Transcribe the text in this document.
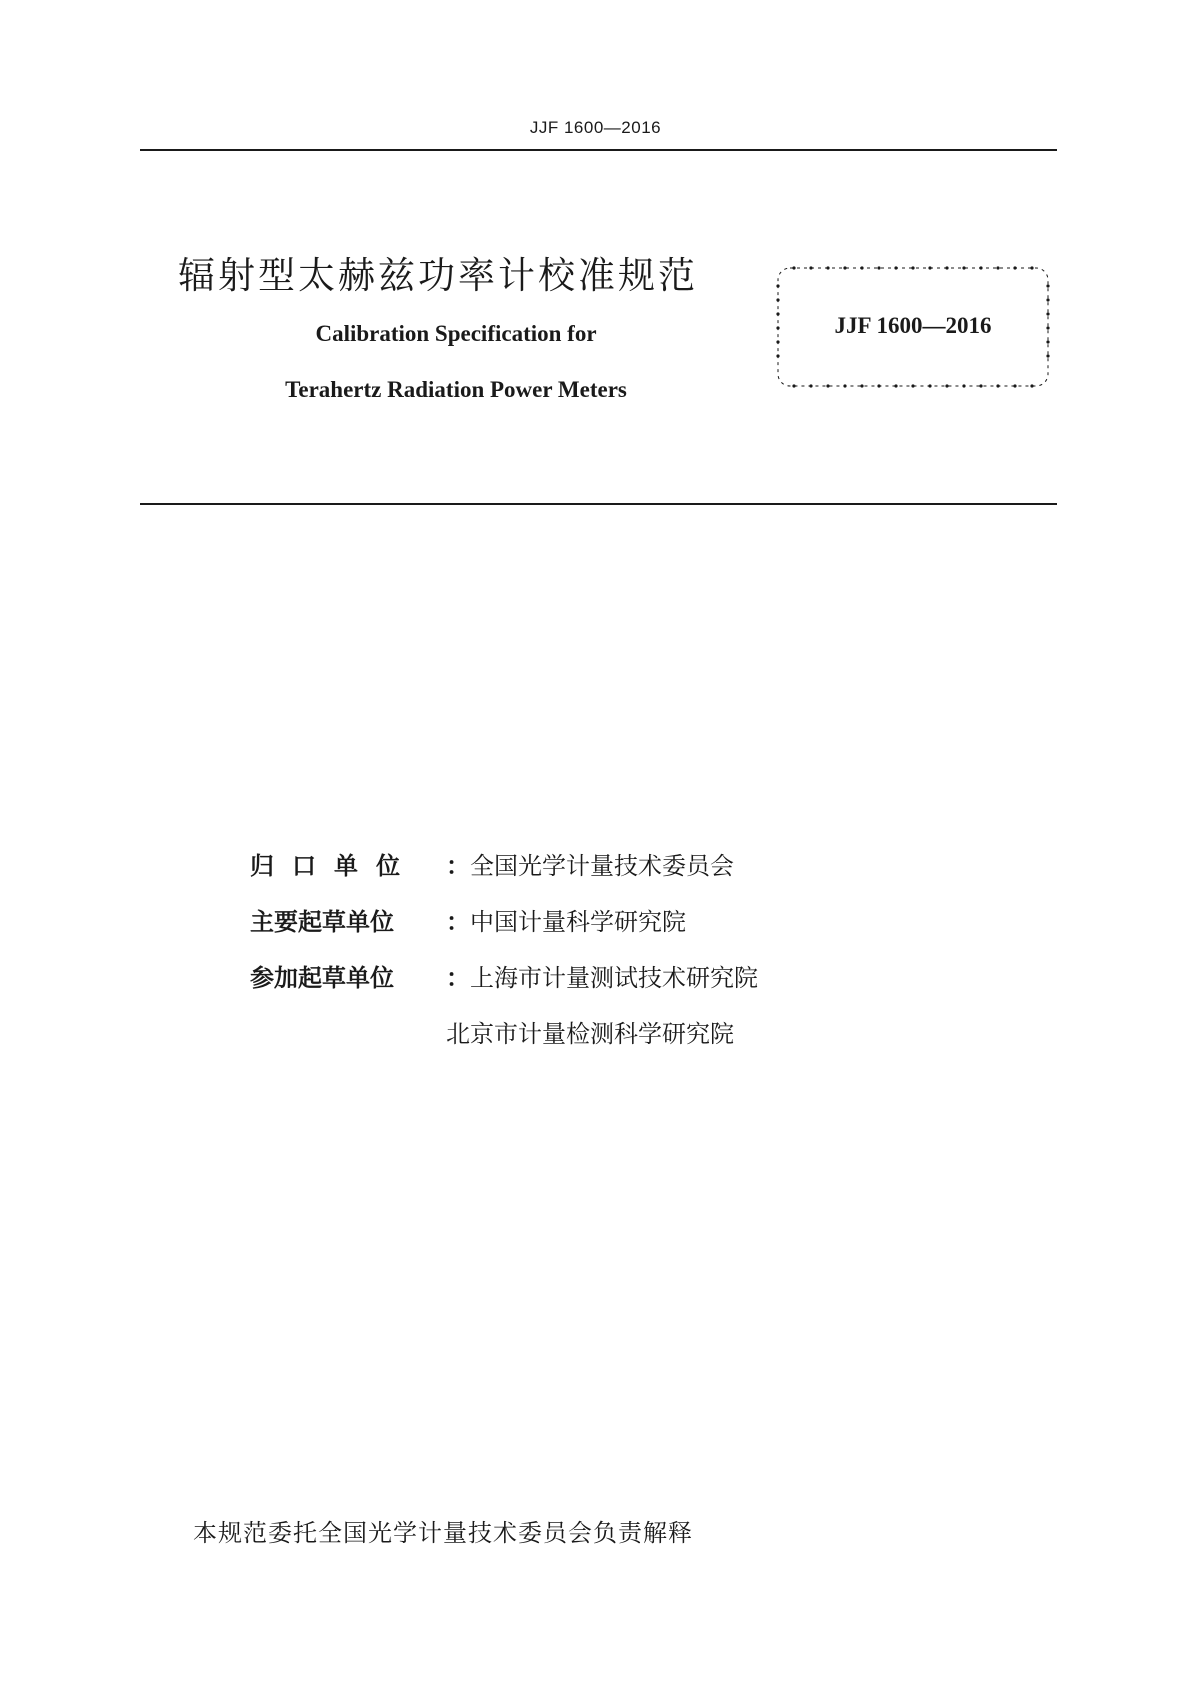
JJF 1600—2016
辐射型太赫兹功率计校准规范
Calibration Specification for
Terahertz Radiation Power Meters
JJF 1600—2016
归口单位 ：全国光学计量技术委员会
主要起草单位 ：中国计量科学研究院
参加起草单位 ：上海市计量测试技术研究院
北京市计量检测科学研究院
本规范委托全国光学计量技术委员会负责解释
